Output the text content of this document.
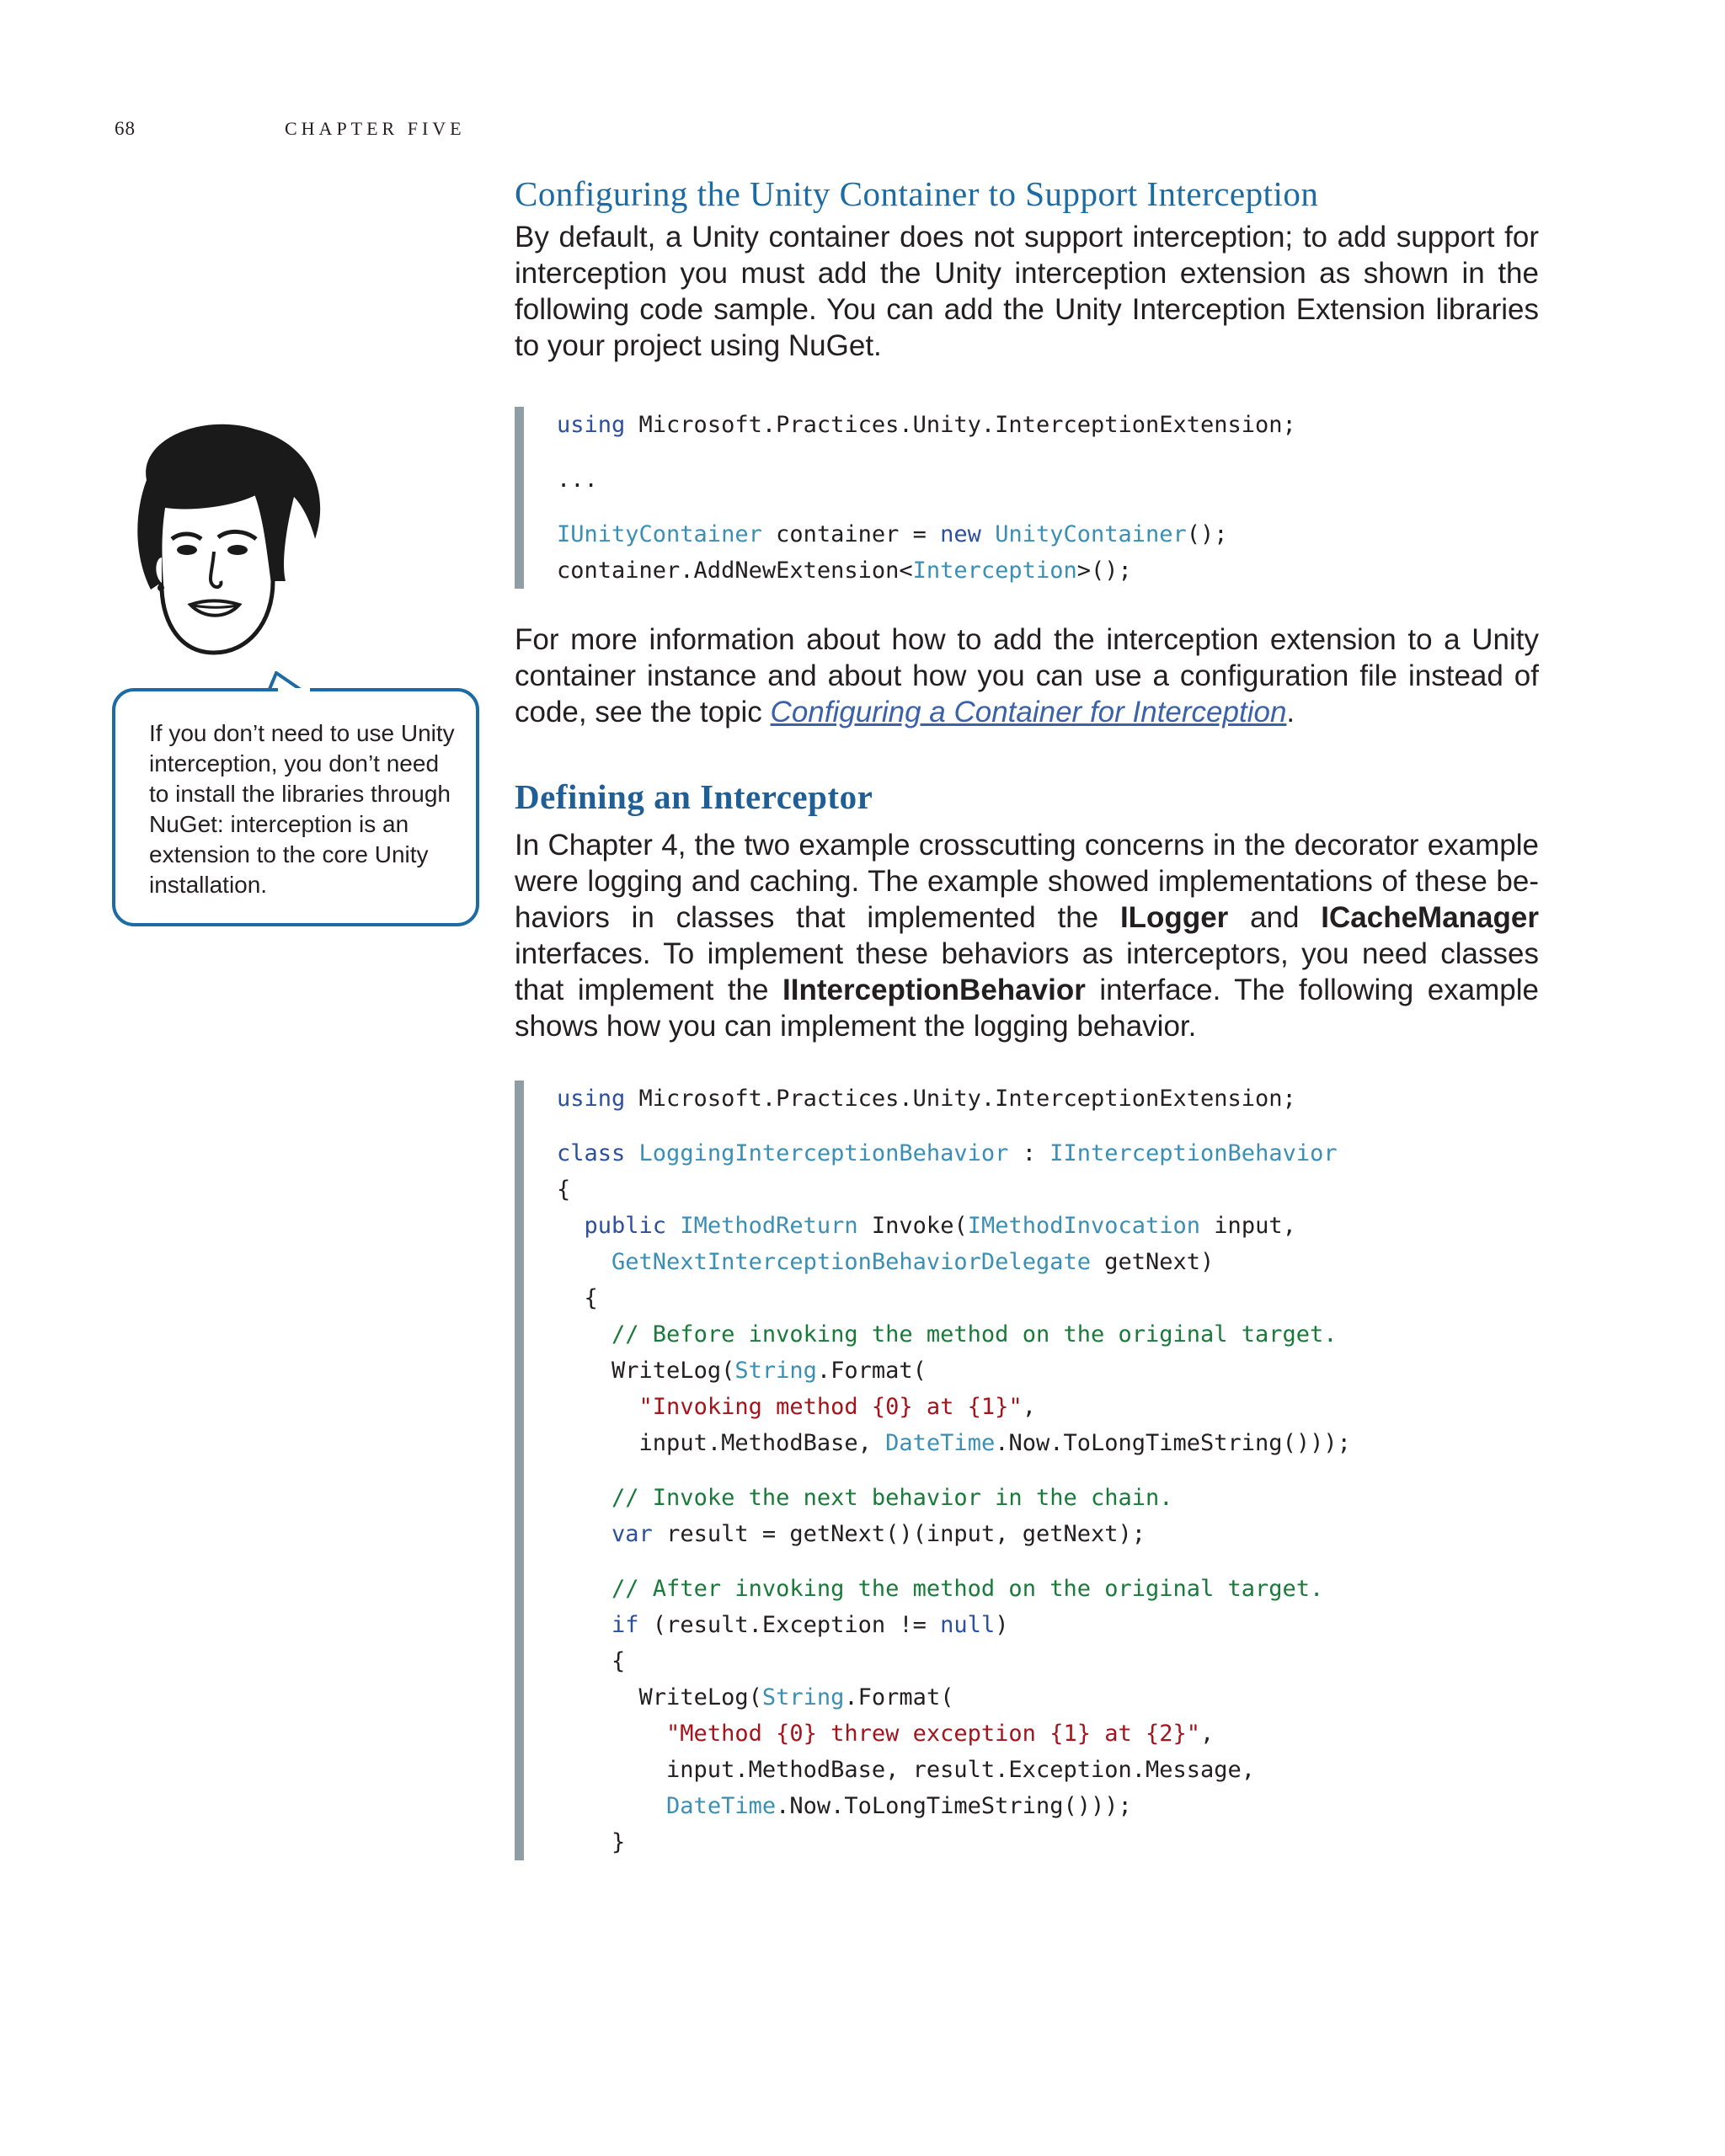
68	CHAPTER FIVE
Configuring the Unity Container to Support Interception

By default, a Unity container does not support interception; to add support for interception you must add the Unity interception extension as shown in the following code sample. You can add the Unity Interception Extension libraries to your project using NuGet.

using Microsoft.Practices.Unity.InterceptionExtension;
...
IUnityContainer container = new UnityContainer();
container.AddNewExtension<Interception>();

For more information about how to add the interception extension to a Unity container instance and about how you can use a configuration file instead of code, see the topic Configuring a Container for Interception.

If you don’t need to use Unity interception, you don’t need to install the libraries through NuGet: interception is an extension to the core Unity installation.
Defining an Interceptor

In Chapter 4, the two example crosscutting concerns in the decorator example were logging and caching. The example showed implementations of these behaviors in classes that implemented the ILogger and ICacheManager interfaces. To implement these behaviors as interceptors, you need classes that implement the IInterceptionBehavior interface. The following example shows how you can implement the logging behavior.

using Microsoft.Practices.Unity.InterceptionExtension;
class LoggingInterceptionBehavior : IInterceptionBehavior
{
public IMethodReturn Invoke(IMethodInvocation input,
GetNextInterceptionBehaviorDelegate getNext)
{
// Before invoking the method on the original target.
WriteLog(String.Format(
"Invoking method {0} at {1}",
input.MethodBase, DateTime.Now.ToLongTimeString()));
// Invoke the next behavior in the chain.
var result = getNext()(input, getNext);
// After invoking the method on the original target.
if (result.Exception != null)
{
WriteLog(String.Format(
"Method {0} threw exception {1} at {2}",
input.MethodBase, result.Exception.Message,
DateTime.Now.ToLongTimeString()));
}
